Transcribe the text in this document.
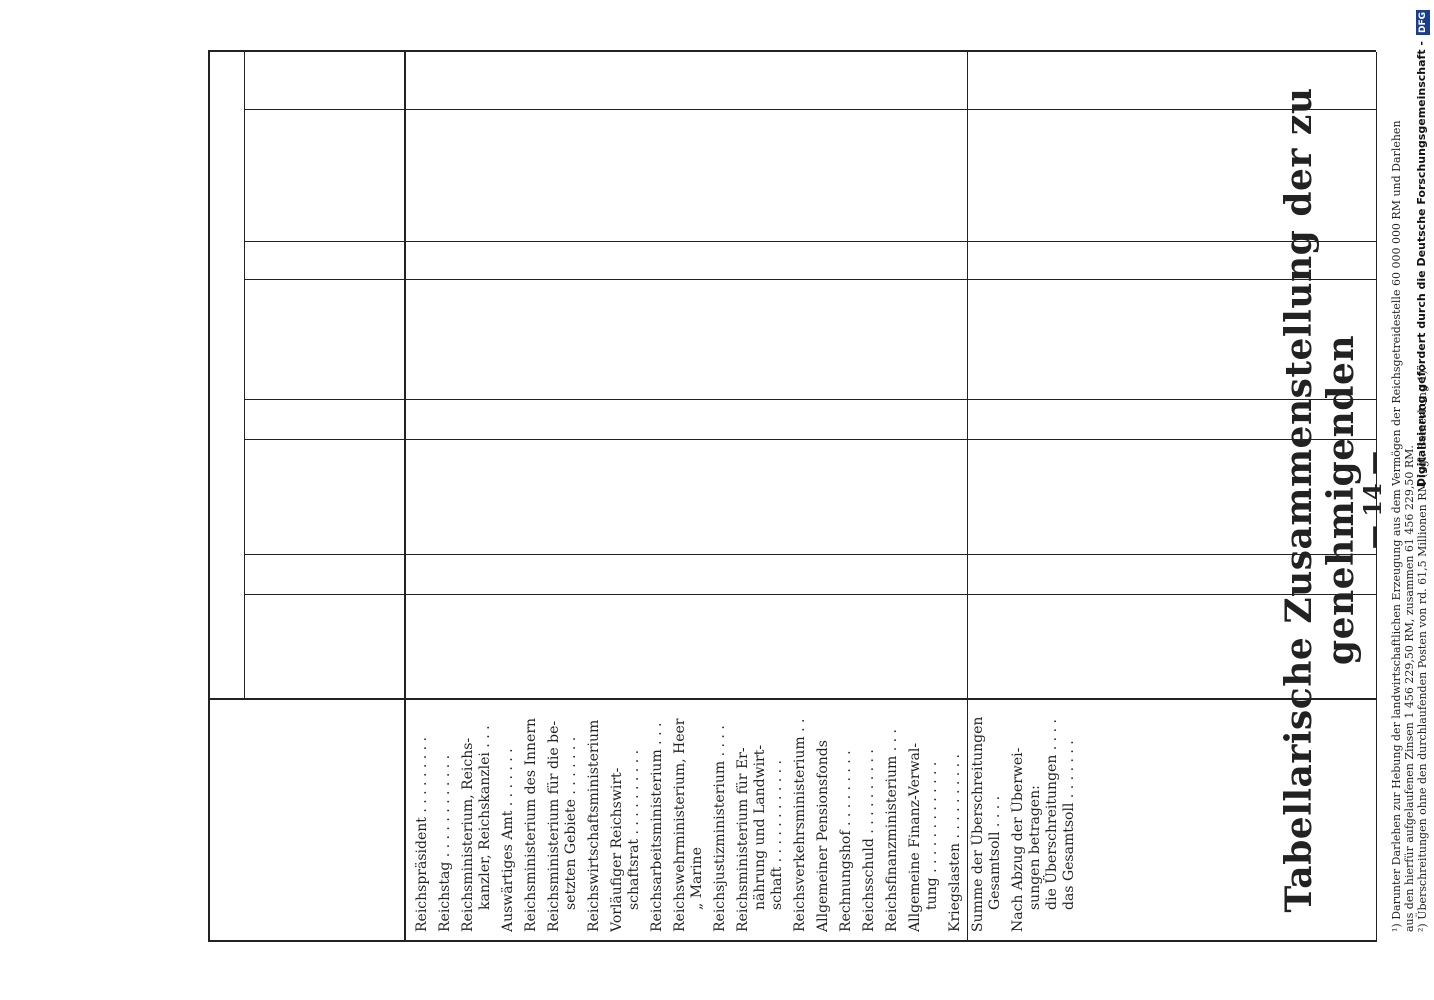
— 14 —
Tabellarische Zusammenstellung der zu genehmigenden
Reichspräsident . . . . . . . . . Reichstag . . . . . . . . . . . . Reichsministerium, Reichs- kanzler, Reichskanzlei . . . Auswärtiges Amt . . . . . . . Reichsministerium des Innern Reichsministerium für die be- setzten Gebiete . . . . . . . Reichswirtschaftsministerium Vorläufiger Reichswirt- schaftsrat . . . . . . . . . . Reichsarbeitsministerium . . . Reichswehrministerium, Heer „ Marine Reichsjustizministerium . . . . Reichsministerium für Er- nährung und Landwirt- schaft . . . . . . . . . . . . Reichsverkehrsministerium . . Allgemeiner Pensionsfonds Rechnungshof . . . . . . . . . Reichsschuld . . . . . . . . . . Reichsfinanzministerium . . . Allgemeine Finanz-Verwal- tung . . . . . . . . . . . . . Kriegslasten . . . . . . . . . . Summe der Überschreitungen Gesamtsoll . . . . Nach Abzug der Überwei- sungen betragen: die Überschreitungen . . . . das Gesamtsoll . . . . . . .	¹) Darunter Darlehen zur Hebung der landwirtschaftlichen Erzeugung aus dem Vermögen der Reichsgetreidestelle 60 000 000 RM und Darlehen aus den hierfür aufgelaufenen Zinsen 1 456 229,50 RM, zusammen 61 456 229,50 RM. ²) Überschreitungen ohne den durchlaufenden Posten von rd. 61,5 Millionen RM (vgl. Bemerkung 1).
Digitalisierung gefördert durch die Deutsche Forschungsgemeinschaft -DFG
